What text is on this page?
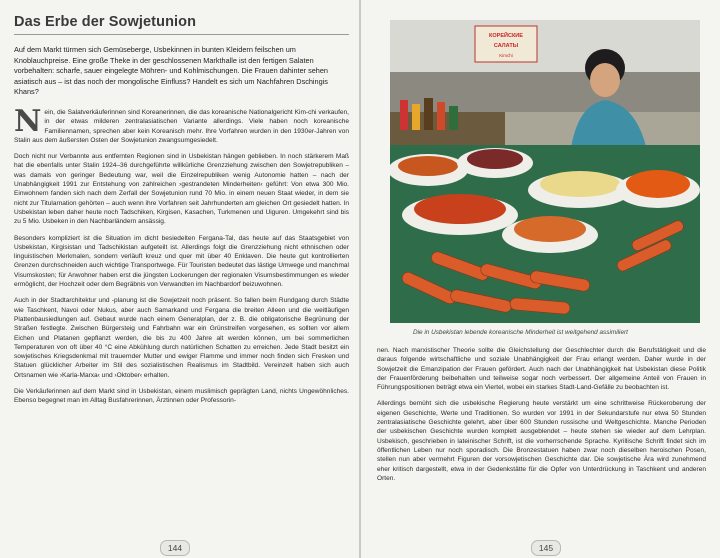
Das Erbe der Sowjetunion

Auf dem Markt türmen sich Gemüseberge, Usbekinnen in bunten Kleidern feilschen um Knoblauchpreise. Eine große Theke in der geschlossenen Markthalle ist den fertigen Salaten vorbehalten: scharfe, sauer eingelegte Möhren- und Kohlmischungen. Die Frauen dahinter sehen asiatisch aus – ist das noch der mongolische Einfluss? Handelt es sich um Nachfahren Dschingis Khans?

Nein, die Salatverkäuferinnen sind Koreanerinnen, die das koreanische Nationalgericht Kim-chi verkaufen, in der etwas milderen zentralasiatischen Variante allerdings. Viele haben noch koreanische Familiennamen, sprechen aber kein Koreanisch mehr. Ihre Vorfahren wurden in den 1930er-Jahren von Stalin aus dem äußersten Osten der Sowjetunion zwangsumgesiedelt.

Doch nicht nur Verbannte aus entfernten Regionen sind in Usbekistan hängen geblieben. In noch stärkerem Maß hat die ebenfalls unter Stalin 1924–36 durchgeführte willkürliche Grenzziehung zwischen den Sowjetrepubliken – was damals von geringer Bedeutung war, weil die Einzelrepubliken wenig Autonomie hatten – nach der Unabhängigkeit 1991 zur Entstehung von zahlreichen ›gestrandeten Minderheiten‹ geführt: Von etwa 300 Mio. Einwohnern fanden sich nach dem Zerfall der Sowjetunion rund 70 Mio. in einem neuen Staat wieder, in dem sie nicht zur Titularnation gehörten – auch wenn ihre Vorfahren seit Jahrhunderten am gleichen Ort gesiedelt hatten. In Usbekistan leben daher heute noch Tadschiken, Kirgisen, Kasachen, Turkmenen und Uiguren. Umgekehrt sind bis zu 5 Mio. Usbeken in den Nachbarländern ansässig.

Besonders kompliziert ist die Situation im dicht besiedelten Fergana-Tal, das heute auf das Staatsgebiet von Usbekistan, Kirgisistan und Tadschikistan aufgeteilt ist. Allerdings folgt die Grenzziehung nicht ethnischen oder linguistischen Merkmalen, sondern verläuft kreuz und quer mit über 40 Enklaven. Die heute gut kontrollierten Grenzen durchschneiden auch wichtige Transportwege. Für Touristen bedeutet das lästige Umwege und manchmal Visumskosten; für Anwohner haben erst die jüngsten Lockerungen der regionalen Visumsbestimmungen es wieder ermöglicht, der Hochzeit oder dem Begräbnis von Verwandten im Nachbardorf beizuwohnen.

Auch in der Stadtarchitektur und -planung ist die Sowjetzeit noch präsent. So fallen beim Rundgang durch Städte wie Taschkent, Navoi oder Nukus, aber auch Samarkand und Fergana die breiten Alleen und die weitläufigen Plattenbausiedlungen auf. Gebaut wurde nach einem Generalplan, der z. B. die obligatorische Begrünung der Straßen festlegte. Zwischen Bürgersteig und Fahrbahn war ein Grünstreifen vorgesehen, es sollten vor allem Eichen und Platanen gepflanzt werden, die bis zu 400 Jahre alt werden können, um bei sommerlichen Temperaturen von oft über 40 °C eine Abkühlung durch natürlichen Schatten zu erreichen. Jede Stadt besitzt ein sowjetisches Kriegsdenkmal mit trauernder Mutter und ewiger Flamme und immer noch finden sich Fresken und Statuen glücklicher Arbeiter im Stil des sozialistischen Realismus im Stadtbild. Vereinzelt haben sich auch Ortsnamen wie ›Karla-Marxa‹ und ›Oktober‹ erhalten.

Die Verkäuferinnen auf dem Markt sind in Usbekistan, einem muslimisch geprägten Land, nichts Ungewöhnliches. Ebenso begegnet man im Alltag Busfahrerinnen, Ärztinnen oder Professorin-

144
КОРЕЙСКИЕ
САЛАТЫ
Kimchi
Die in Usbekistan lebende koreanische Minderheit ist weitgehend assimiliert

nen. Nach marxistischer Theorie sollte die Gleichstellung der Geschlechter durch die Berufstätigkeit und die daraus folgende wirtschaftliche und soziale Unabhängigkeit der Frau erlangt werden. Daher wurde in der Sowjetzeit die Emanzipation der Frauen gefördert. Auch nach der Unabhängigkeit hat Usbekistan diese Politik der Frauenförderung beibehalten und teilweise sogar noch verbessert. Der allgemeine Anteil von Frauen in Führungspositionen beträgt etwa ein Viertel, wobei ein starkes Stadt-Land-Gefälle zu beobachten ist.

Allerdings bemüht sich die usbekische Regierung heute verstärkt um eine schrittweise Rückeroberung der eigenen Geschichte, Werte und Traditionen. So wurden vor 1991 in der Sekundarstufe nur etwa 50 Stunden zentralasiatische Geschichte gelehrt, aber über 600 Stunden russische und Weltgeschichte. Manche Perioden der usbekischen Geschichte wurden komplett ausgeblendet – heute stehen sie wieder auf dem Lehrplan. Usbekisch, geschrieben in lateinischer Schrift, ist die vorherrschende Sprache. Kyrillische Schrift findet sich im öffentlichen Leben nur noch sporadisch. Die Bronzestatuen haben zwar noch dieselben heroischen Posen, stellen nun aber vermehrt Figuren der vorsowjetischen Geschichte dar. Die sowjetische Ära wird zunehmend eher kritisch dargestellt, etwa in der Gedenkstätte für die Opfer von Unterdrückung in Taschkent und anderen Orten.

145
